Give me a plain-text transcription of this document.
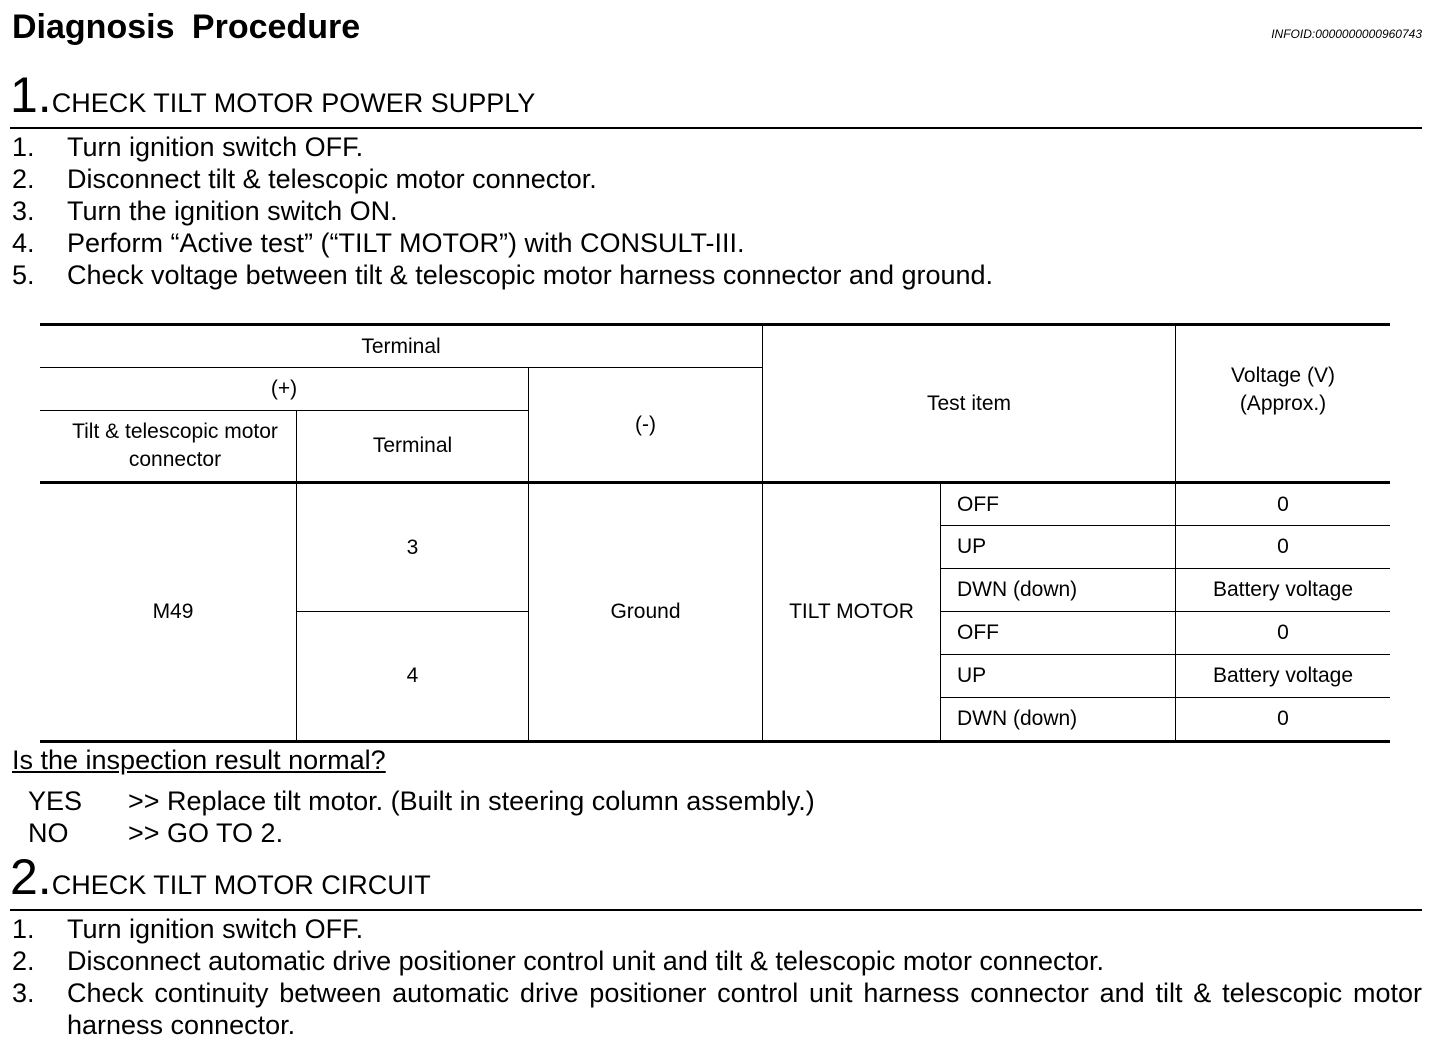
Diagnosis Procedure	INFOID:0000000000960743
1.CHECK TILT MOTOR POWER SUPPLY
1. Turn ignition switch OFF.
2. Disconnect tilt & telescopic motor connector.
3. Turn the ignition switch ON.
4. Perform “Active test” (“TILT MOTOR”) with CONSULT-III.
5. Check voltage between tilt & telescopic motor harness connector and ground.
Terminal
(+)
(-)
Tilt & telescopic motor connector
Terminal
Test item
Voltage (V)
(Approx.)
M49
3
4
Ground	TILT MOTOR
OFF
UP
DWN (down)
OFF
UP
DWN (down)
0
0
Battery voltage
0
Battery voltage
0
Is the inspection result normal?
YES >> Replace tilt motor. (Built in steering column assembly.)
NO >> GO TO 2.
2.CHECK TILT MOTOR CIRCUIT
1. Turn ignition switch OFF.
2. Disconnect automatic drive positioner control unit and tilt & telescopic motor connector.
3. Check continuity between automatic drive positioner control unit harness connector and tilt & telescopic motor harness connector.
